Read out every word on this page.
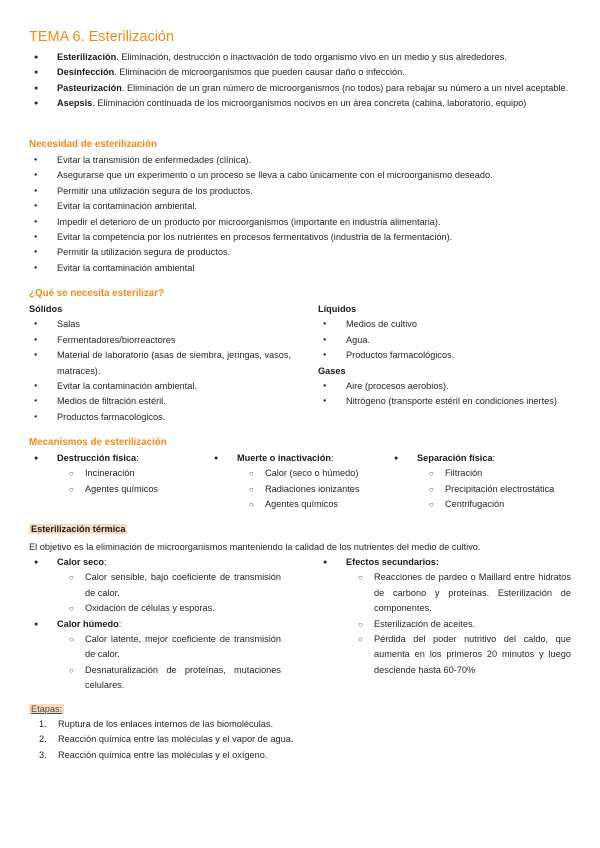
TEMA 6. Esterilización
● Esterilización. Eliminación, destrucción o inactivación de todo organismo vivo en un medio y sus alrededores.
● Desinfección. Eliminación de microorganismos que pueden causar daño o infección.
● Pasteurización. Eliminación de un gran número de microorganismos (no todos) para rebajar su número a un nivel aceptable.
● Asepsis. Eliminación continuada de los microorganismos nocivos en un área concreta (cabina, laboratorio, equipo)
Necesidad de esterilización
● Evitar la transmisión de enfermedades (clínica).
● Asegurarse que un experimento o un proceso se lleva a cabo únicamente con el microorganismo deseado.
● Permitir una utilización segura de los productos.
● Evitar la contaminación ambiental.
● Impedir el deterioro de un producto por microorganismos (importante en industria alimentaria).
● Evitar la competencia por los nutrientes en procesos fermentativos (industria de la fermentación).
● Permitir la utilización segura de productos.
● Evitar la contaminación ambiental
¿Qué se necesita esterilizar?
Sólidos
● Salas
● Fermentadores/biorreactores
● Material de laboratorio (asas de siembra, jeringas, vasos, matraces).
● Evitar la contaminación ambiental.
● Medios de filtración estéril.
● Productos farmacológicos.
Líquidos
● Medios de cultivo
● Agua.
● Productos farmacológicos.
Gases
● Aire (procesos aerobios).
● Nitrógeno (transporte estéril en condiciones inertes)
Mecanismos de esterilización
● Destrucción física:
○ Incineración
○ Agentes químicos
● Muerte o inactivación:
○ Calor (seco o húmedo)
○ Radiaciones ionizantes
○ Agentes químicos
● Separación física:
○ Filtración
○ Precipitación electrostática
○ Centrifugación
Esterilización térmica
El objetivo es la eliminación de microorganismos manteniendo la calidad de los nutrientes del medio de cultivo.
● Calor seco:
○ Calor sensible, bajo coeficiente de transmisión de calor.
○ Oxidación de células y esporas.
● Calor húmedo:
○ Calor latente, mejor coeficiente de transmisión de calor.
○ Desnaturalización de proteínas, mutaciones celulares.
● Efectos secundarios:
○ Reacciones de pardeo o Maillard entre hidratos de carbono y proteínas. Esterilización de componentes.
○ Esterilización de aceites.
○ Pérdida del poder nutritivo del caldo, que aumenta en los primeros 20 minutos y luego desciende hasta 60-70%
Etapas:
1. Ruptura de los enlaces internos de las biomoléculas.
2. Reacción química entre las moléculas y el vapor de agua.
3. Reacción química entre las moléculas y el oxígeno.
